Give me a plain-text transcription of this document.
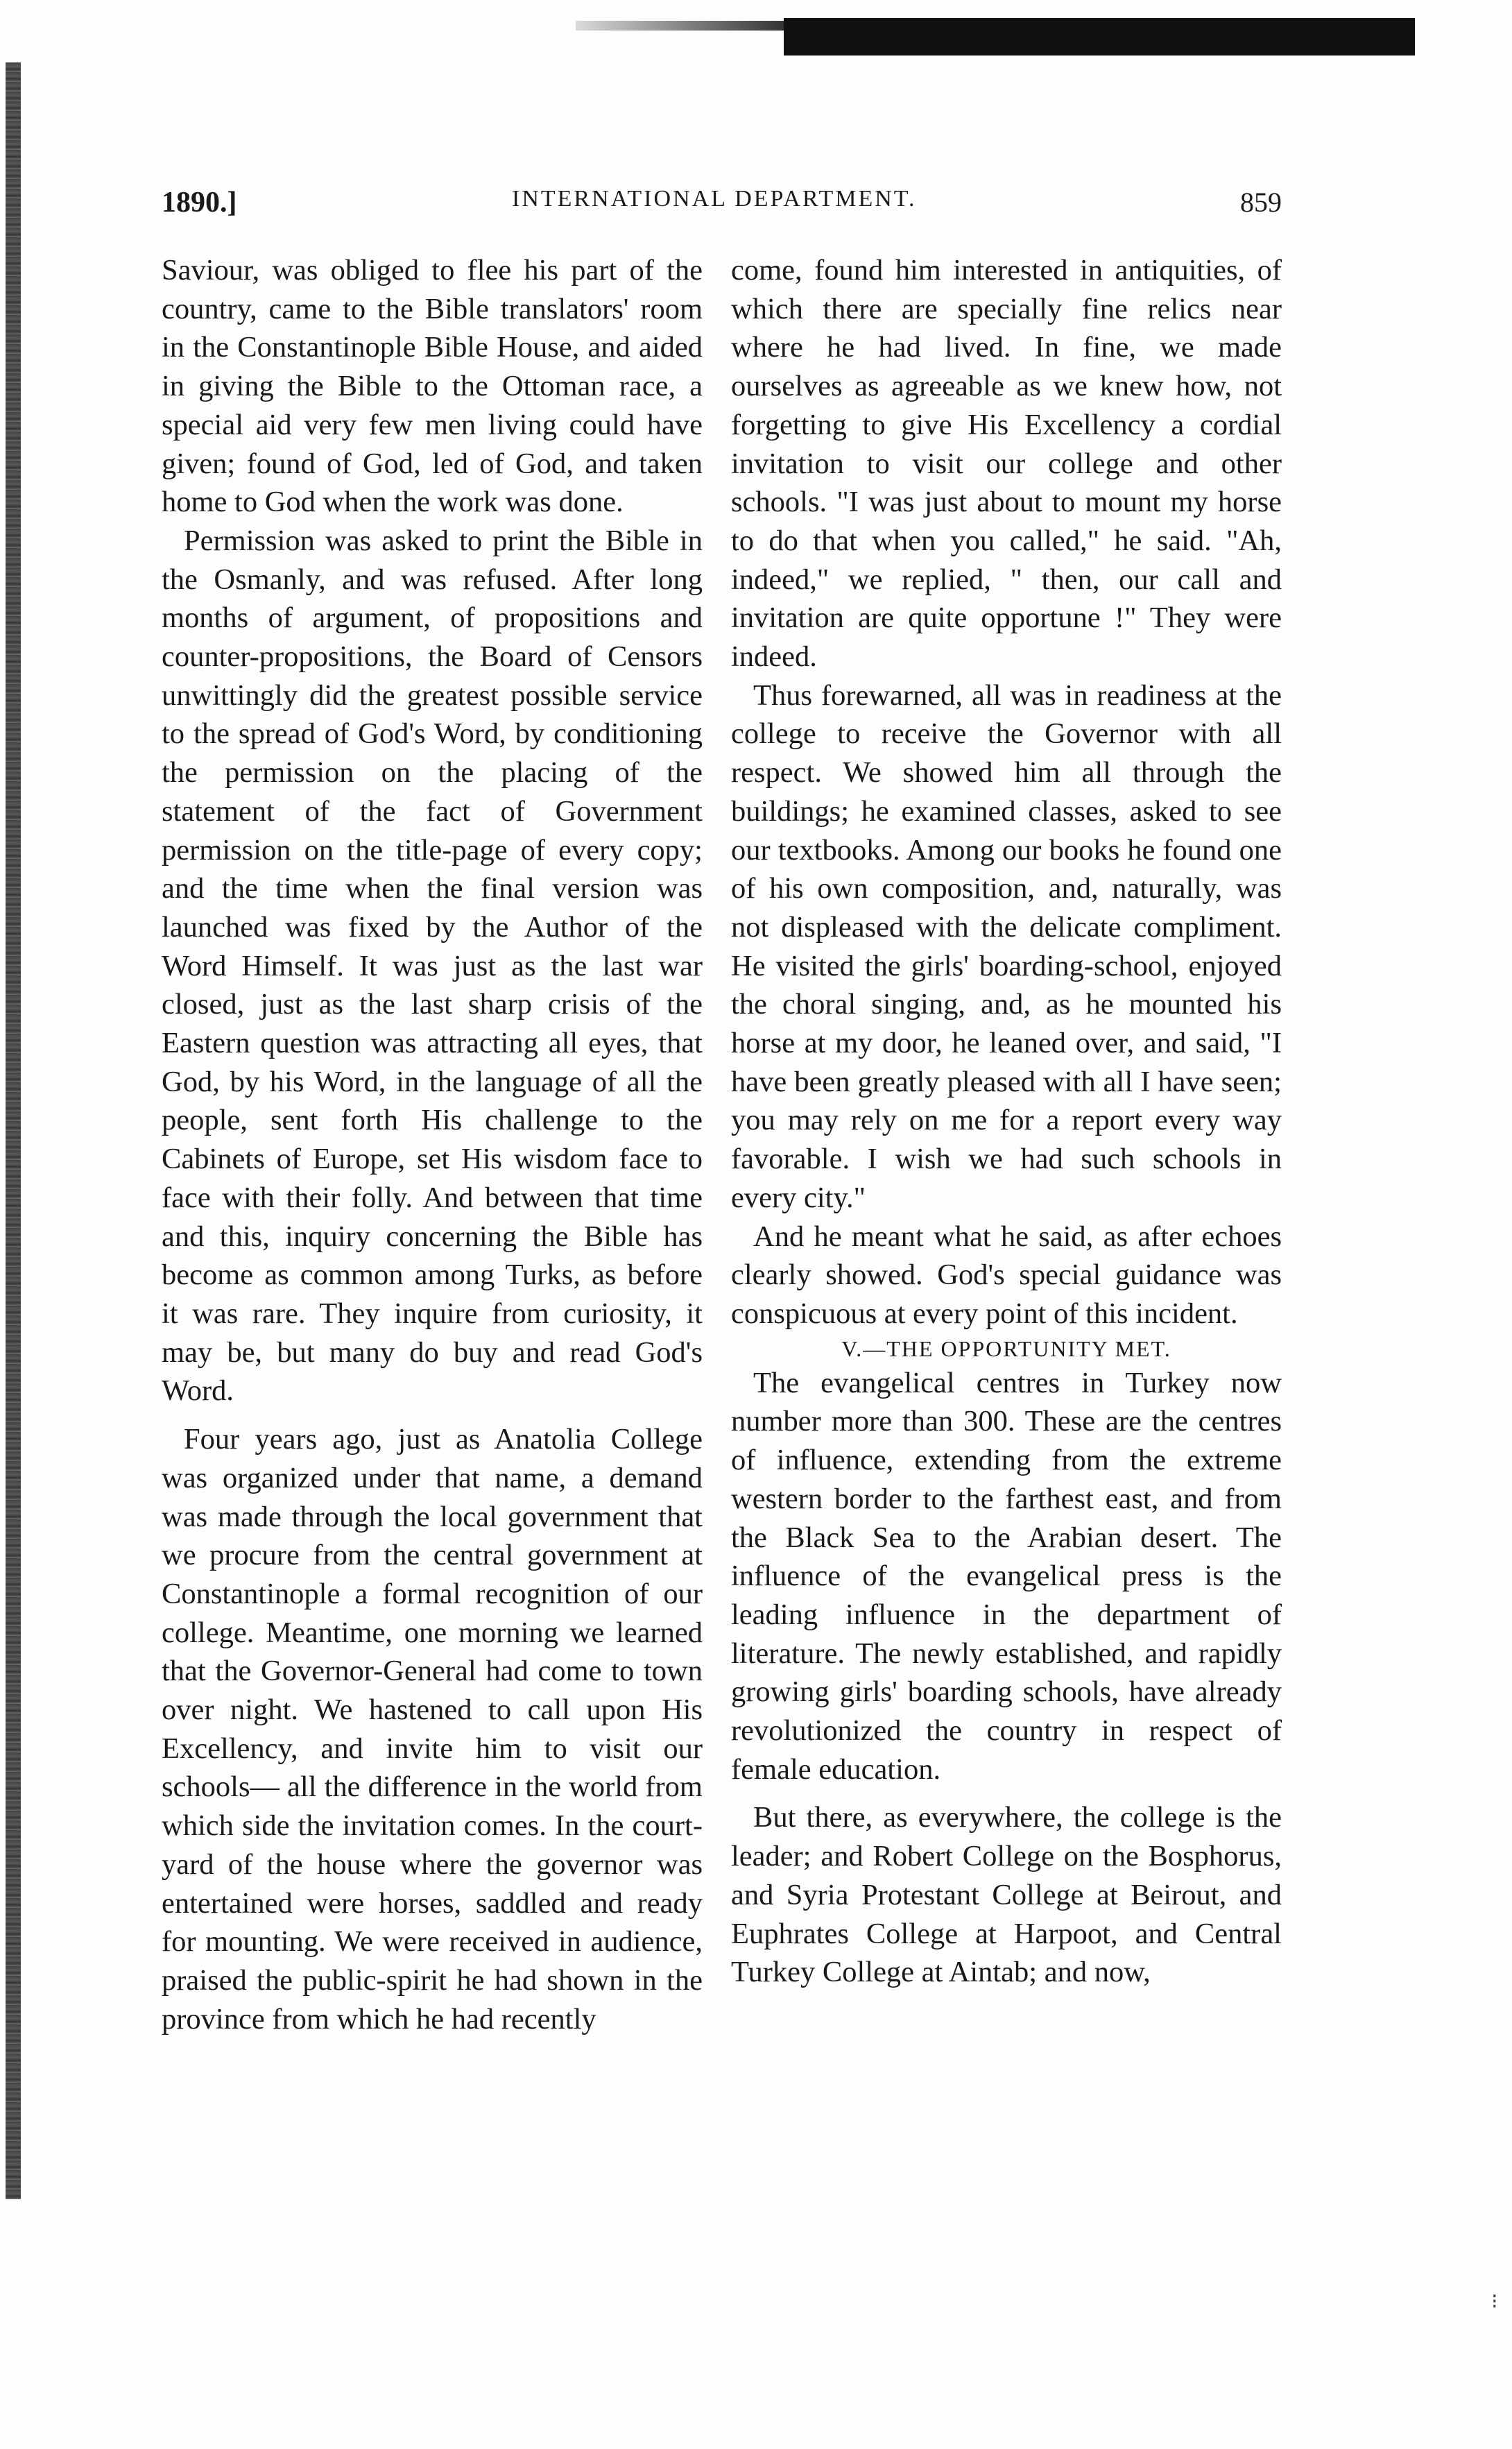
1890.]	INTERNATIONAL DEPARTMENT.	859

Saviour, was obliged to flee his part of the country, came to the Bible translators' room in the Constantinople Bible House, and aided in giving the Bible to the Ottoman race, a special aid very few men living could have given; found of God, led of God, and taken home to God when the work was done.

Permission was asked to print the Bible in the Osmanly, and was refused. After long months of argument, of propositions and counter-propositions, the Board of Censors unwittingly did the greatest possible service to the spread of God's Word, by conditioning the permission on the placing of the statement of the fact of Government permission on the title-page of every copy; and the time when the final version was launched was fixed by the Author of the Word Himself. It was just as the last war closed, just as the last sharp crisis of the Eastern question was attracting all eyes, that God, by his Word, in the language of all the people, sent forth His challenge to the Cabinets of Europe, set His wisdom face to face with their folly. And between that time and this, inquiry concerning the Bible has become as common among Turks, as before it was rare. They inquire from curiosity, it may be, but many do buy and read God's Word.

Four years ago, just as Anatolia College was organized under that name, a demand was made through the local government that we procure from the central government at Constantinople a formal recognition of our college. Meantime, one morning we learned that the Governor-General had come to town over night. We hastened to call upon His Excellency, and invite him to visit our schools— all the difference in the world from which side the invitation comes. In the court-yard of the house where the governor was entertained were horses, saddled and ready for mounting. We were received in audience, praised the public-spirit he had shown in the province from which he had recently

come, found him interested in antiquities, of which there are specially fine relics near where he had lived. In fine, we made ourselves as agreeable as we knew how, not forgetting to give His Excellency a cordial invitation to visit our college and other schools. "I was just about to mount my horse to do that when you called," he said. "Ah, indeed," we replied, " then, our call and invitation are quite opportune !" They were indeed.

Thus forewarned, all was in readiness at the college to receive the Governor with all respect. We showed him all through the buildings; he examined classes, asked to see our textbooks. Among our books he found one of his own composition, and, naturally, was not displeased with the delicate compliment. He visited the girls' boarding-school, enjoyed the choral singing, and, as he mounted his horse at my door, he leaned over, and said, "I have been greatly pleased with all I have seen; you may rely on me for a report every way favorable. I wish we had such schools in every city."

And he meant what he said, as after echoes clearly showed. God's special guidance was conspicuous at every point of this incident.

V.—THE OPPORTUNITY MET.

The evangelical centres in Turkey now number more than 300. These are the centres of influence, extending from the extreme western border to the farthest east, and from the Black Sea to the Arabian desert. The influence of the evangelical press is the leading influence in the department of literature. The newly established, and rapidly growing girls' boarding schools, have already revolutionized the country in respect of female education.

But there, as everywhere, the college is the leader; and Robert College on the Bosphorus, and Syria Protestant College at Beirout, and Euphrates College at Harpoot, and Central Turkey College at Aintab; and now,

⁝
